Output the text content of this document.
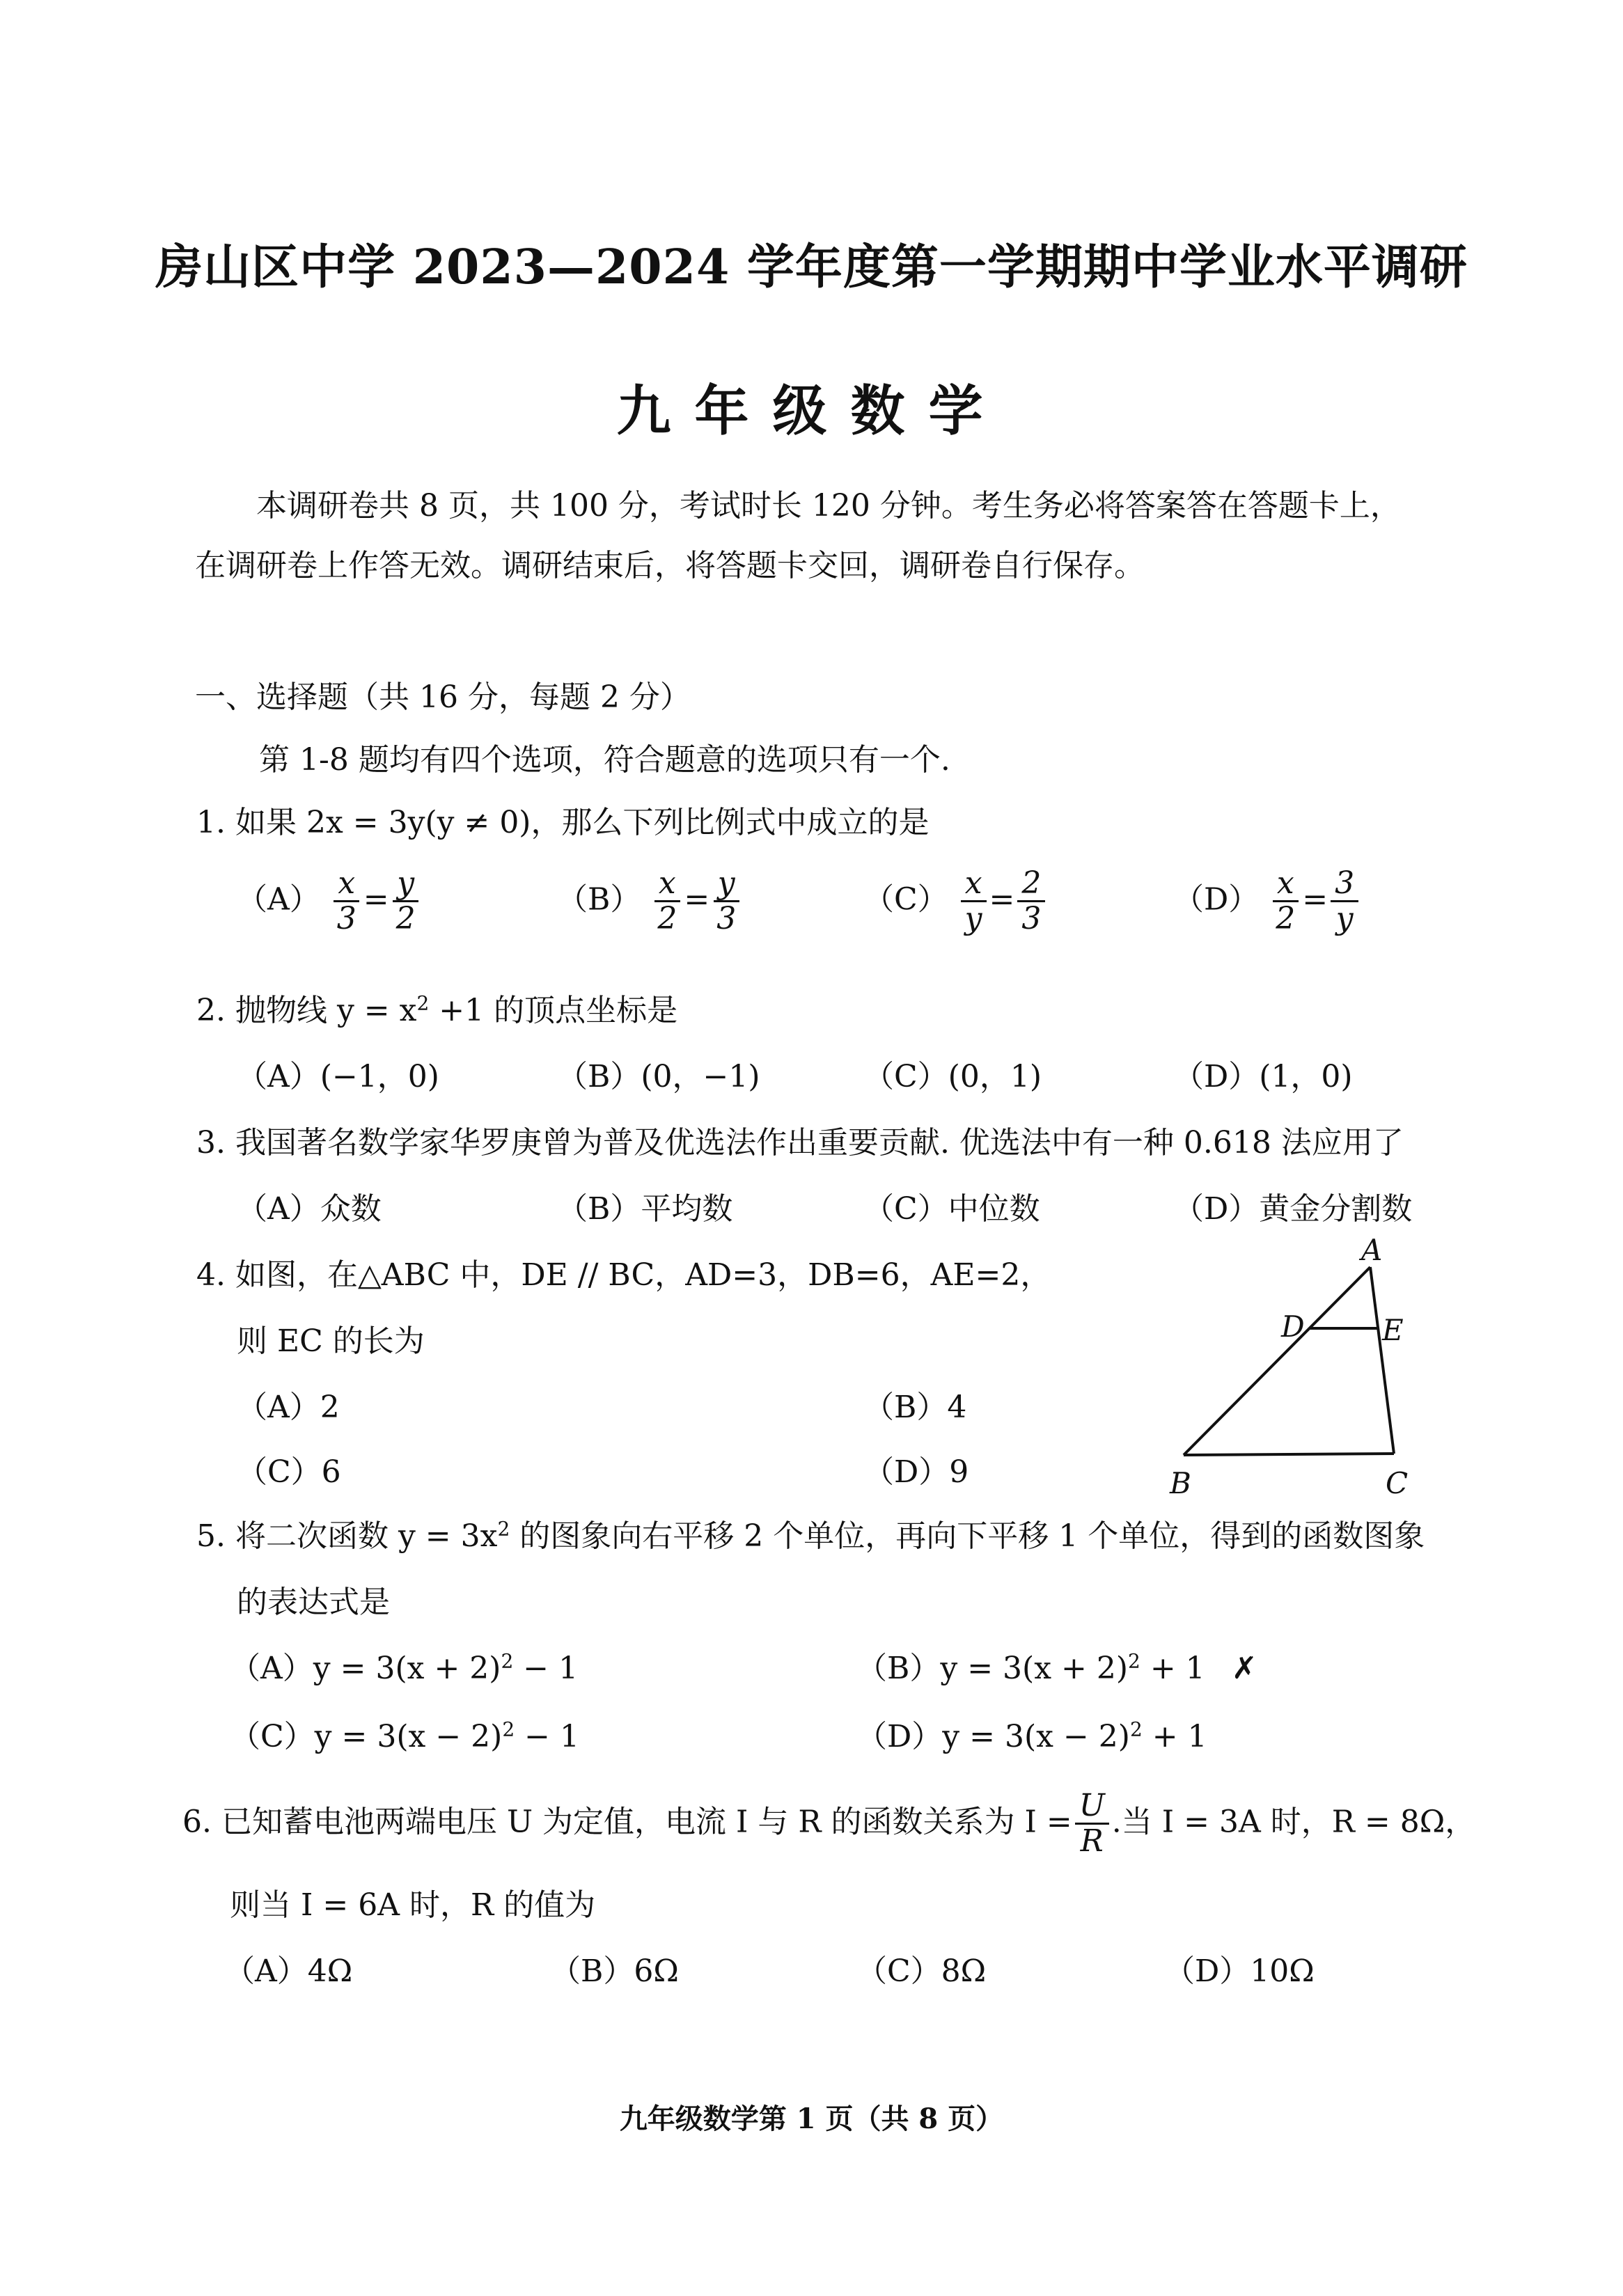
房山区中学 2023—2024 学年度第一学期期中学业水平调研
九年级数学
本调研卷共 8 页，共 100 分，考试时长 120 分钟。考生务必将答案答在答题卡上，
在调研卷上作答无效。调研结束后，将答题卡交回，调研卷自行保存。
一、选择题（共 16 分，每题 2 分）
第 1-8 题均有四个选项，符合题意的选项只有一个.
1. 如果 2x = 3y(y ≠ 0)，那么下列比例式中成立的是
$(A) \frac{x}{3} = \frac{y}{2}$	$(B) \frac{x}{2} = \frac{y}{3}$	$(C) \frac{x}{y} = \frac{2}{3}$	$(D) \frac{x}{2} = \frac{3}{y}$
2. 抛物线 $y = x^2 +1$ 的顶点坐标是
（A）(−1，0)	（B）(0，−1)	（C）(0，1)	（D）(1，0)
3. 我国著名数学家华罗庚曾为普及优选法作出重要贡献. 优选法中有一种 0.618 法应用了
（A）众数	（B）平均数	（C）中位数	（D）黄金分割数
4. 如图，在△ABC 中，DE // BC，AD=3，DB=6，AE=2，
则 EC 的长为
（A）2	（B）4
（C）6	（D）9
A
D	E
B	C
5. 将二次函数 $y = 3x^2$ 的图象向右平移 2 个单位，再向下平移 1 个单位，得到的函数图象
的表达式是
$(A)y = 3(x + 2)^2 - 1$	$(B)y = 3(x + 2)^2 + 1$ ✗
$(C)y = 3(x - 2)^2 - 1$	$(D)y = 3(x - 2)^2 + 1$
6. 已知蓄电池两端电压 U 为定值，电流 I 与 R 的函数关系为 $I = \frac{U}{R}$ .当 I = 3A 时，R = 8Ω，
则当 I = 6A 时，R 的值为
（A）4Ω	（B）6Ω	（C）8Ω	（D）10Ω
九年级数学第 1 页（共 8 页）
